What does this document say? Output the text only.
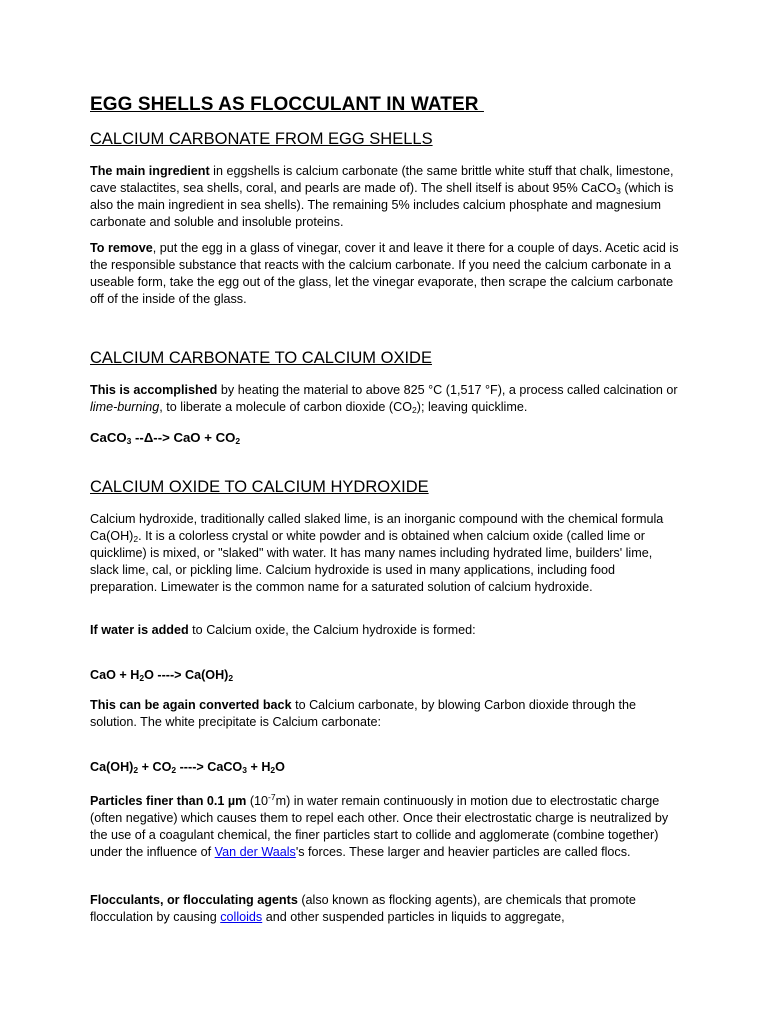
EGG SHELLS AS FLOCCULANT IN WATER
CALCIUM CARBONATE FROM EGG SHELLS

The main ingredient in eggshells is calcium carbonate (the same brittle white stuff that chalk, limestone, cave stalactites, sea shells, coral, and pearls are made of). The shell itself is about 95% CaCO$_3$ (which is also the main ingredient in sea shells). The remaining 5% includes calcium phosphate and magnesium carbonate and soluble and insoluble proteins.

To remove, put the egg in a glass of vinegar, cover it and leave it there for a couple of days. Acetic acid is the responsible substance that reacts with the calcium carbonate. If you need the calcium carbonate in a useable form, take the egg out of the glass, let the vinegar evaporate, then scrape the calcium carbonate off of the inside of the glass.

CALCIUM CARBONATE TO CALCIUM OXIDE

This is accomplished by heating the material to above 825 °C (1,517 °F), a process called calcination or lime-burning, to liberate a molecule of carbon dioxide $(CO_2)$; leaving quicklime.

CaCO$_3$ --Δ--> CaO + $CO_2$
CALCIUM OXIDE TO CALCIUM HYDROXIDE

Calcium hydroxide, traditionally called slaked lime, is an inorganic compound with the chemical formula $Ca(OH)_2$. It is a colorless crystal or white powder and is obtained when calcium oxide (called lime or quicklime) is mixed, or "slaked" with water. It has many names including hydrated lime, builders' lime, slack lime, cal, or pickling lime. Calcium hydroxide is used in many applications, including food preparation. Limewater is the common name for a saturated solution of calcium hydroxide.

If water is added to Calcium oxide, the Calcium hydroxide is formed:

CaO + $H_2O$ ----> $Ca(OH)_2$

This can be again converted back to Calcium carbonate, by blowing Carbon dioxide through the solution. The white precipitate is Calcium carbonate:

$Ca(OH)_2 + CO_2$ ----> CaCO$_3$ + $H_2O$

Particles finer than 0.1 µm $(10^{-7}m)$ in water remain continuously in motion due to electrostatic charge (often negative) which causes them to repel each other. Once their electrostatic charge is neutralized by the use of a coagulant chemical, the finer particles start to collide and agglomerate (combine together) under the influence of Van der Waals's forces. These larger and heavier particles are called flocs.

Flocculants, or flocculating agents (also known as flocking agents), are chemicals that promote flocculation by causing colloids and other suspended particles in liquids to aggregate,
